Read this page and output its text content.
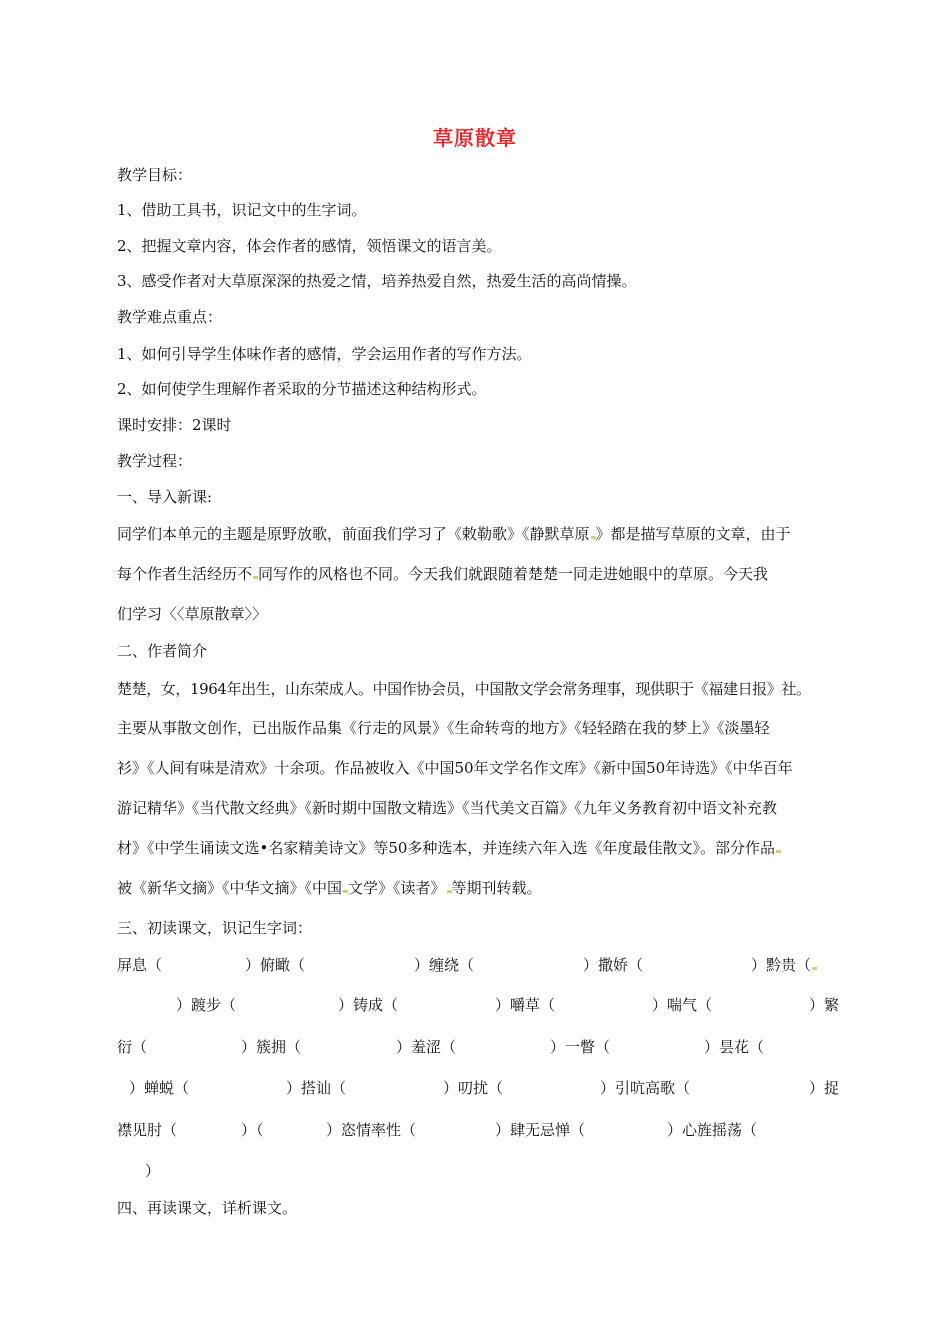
草原散章
教学目标：
1、借助工具书，识记文中的生字词。
2、把握文章内容，体会作者的感情，领悟课文的语言美。
3、感受作者对大草原深深的热爱之情，培养热爱自然，热爱生活的高尚情操。
教学难点重点：
1、如何引导学生体味作者的感情，学会运用作者的写作方法。
2、如何使学生理解作者采取的分节描述这种结构形式。
课时安排：2课时
教学过程：
一、导入新课:
同学们本单元的主题是原野放歌，前面我们学习了《敕勒歌》《静默草原 》都是描写草原的文章，由于
每个作者生活经历不 同写作的风格也不同。今天我们就跟随着楚楚一同走进她眼中的草原。今天我
们学习〈〈草原散章〉〉
二、作者简介
楚楚，女，1964年出生，山东荣成人。中国作协会员，中国散文学会常务理事，现供职于《福建日报》社。
主要从事散文创作，已出版作品集《行走的风景》《生命转弯的地方》《轻轻踏在我的梦上》《淡墨轻
衫》《人间有味是清欢》十余项。作品被收入《中国50年文学名作文库》《新中国50年诗选》《中华百年
游记精华》《当代散文经典》《新时期中国散文精选》《当代美文百篇》《九年义务教育初中语文补充教
材》《中学生诵读文选•名家精美诗文》等50多种选本，并连续六年入选《年度最佳散文》。部分作品
被《新华文摘》《中华文摘》《中国 文学》《读者》 等期刊转载。
三、初读课文，识记生字词：
屏息（	）俯瞰（	）缠绕（	）撒娇（	）黔贵（
）踱步（	）铸成（	）嚼草（	）喘气（	）繁
衍（	）簇拥（	）羞涩（	）一瞥（	）昙花（
）蝉蜕（	）搭讪（	）叨扰（	）引吭高歌（	）捉
襟见肘（	）（	）恣情率性（	）肆无忌惮（	）心旌摇荡（
）
四、再读课文，详析课文。
